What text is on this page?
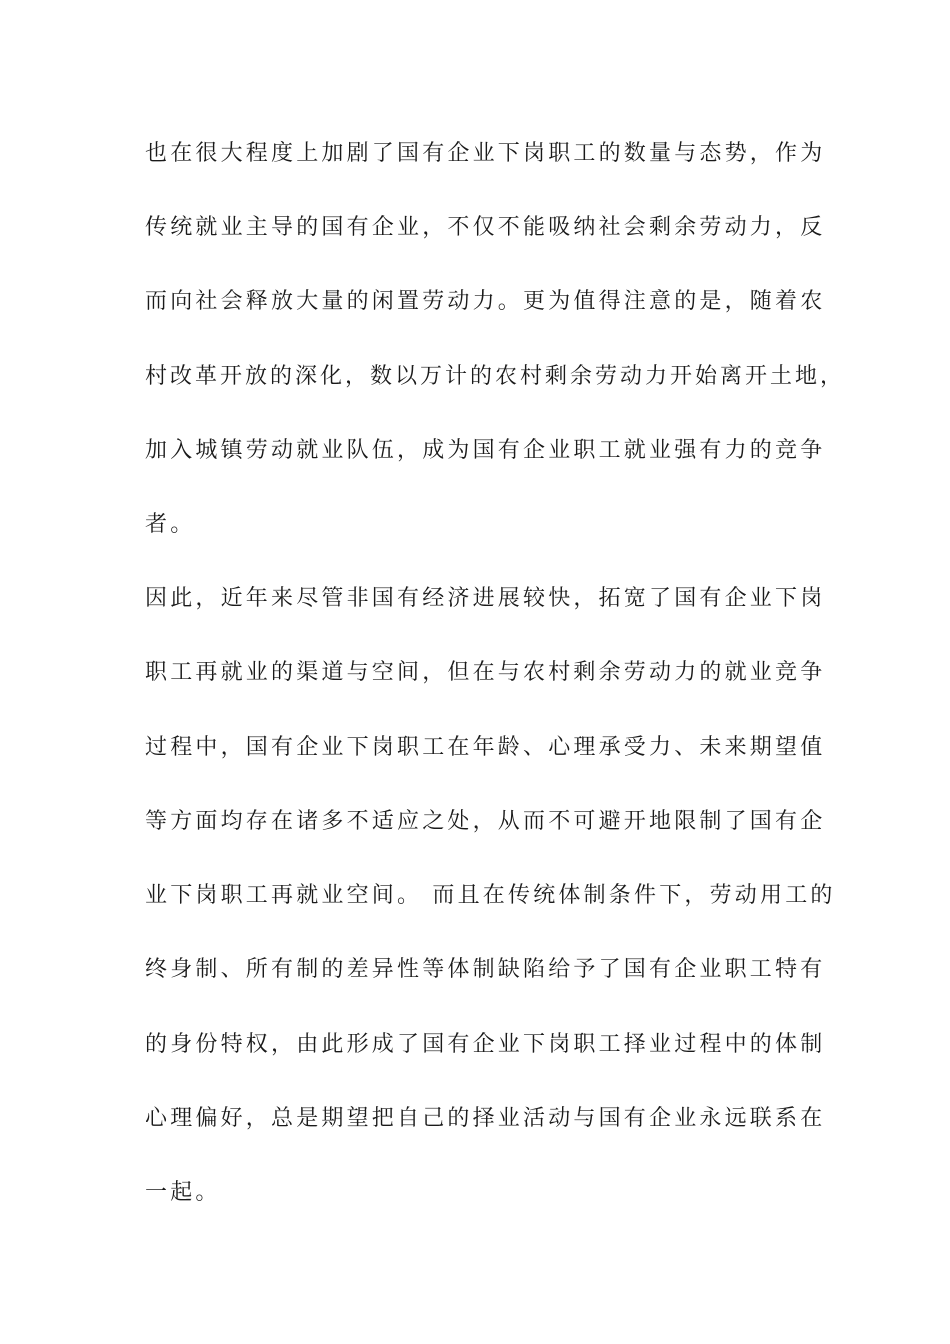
也在很大程度上加剧了国有企业下岗职工的数量与态势，作为
传统就业主导的国有企业，不仅不能吸纳社会剩余劳动力，反
而向社会释放大量的闲置劳动力。更为值得注意的是，随着农
村改革开放的深化，数以万计的农村剩余劳动力开始离开土地，
加入城镇劳动就业队伍，成为国有企业职工就业强有力的竞争
者。
因此，近年来尽管非国有经济进展较快，拓宽了国有企业下岗
职工再就业的渠道与空间，但在与农村剩余劳动力的就业竞争
过程中，国有企业下岗职工在年龄、心理承受力、未来期望值
等方面均存在诸多不适应之处，从而不可避开地限制了国有企
业下岗职工再就业空间。 而且在传统体制条件下，劳动用工的
终身制、所有制的差异性等体制缺陷给予了国有企业职工特有
的身份特权，由此形成了国有企业下岗职工择业过程中的体制
心理偏好，总是期望把自己的择业活动与国有企业永远联系在
一起。
